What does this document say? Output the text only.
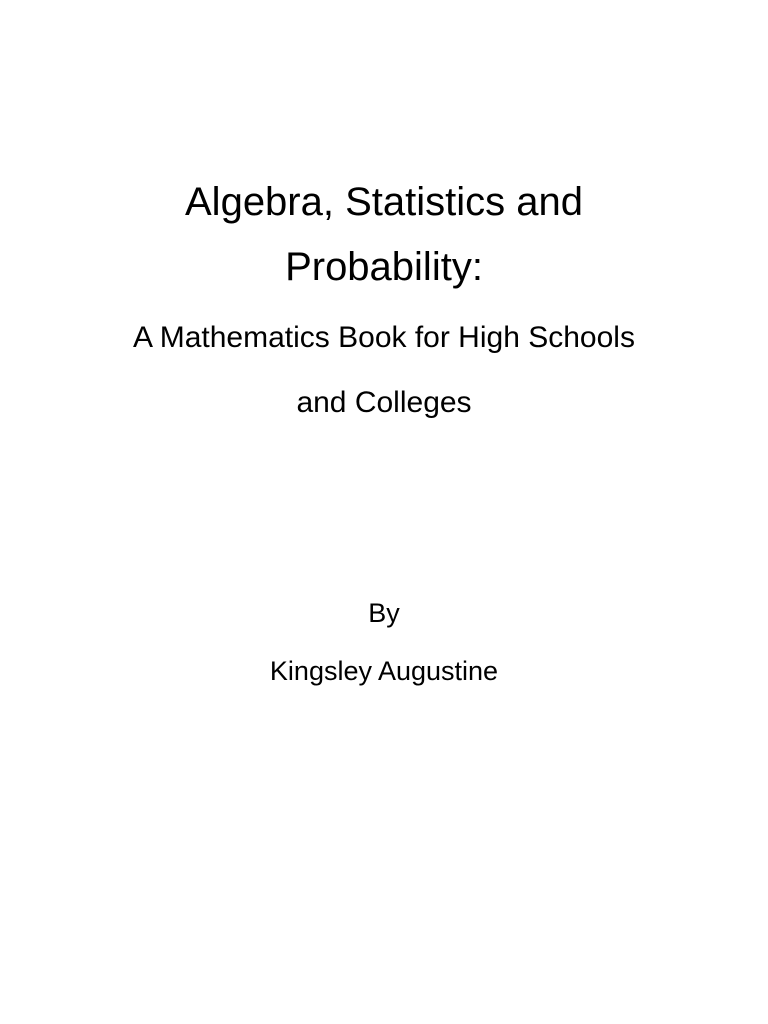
Algebra, Statistics and
Probability:
A Mathematics Book for High Schools
and Colleges
By
Kingsley Augustine
